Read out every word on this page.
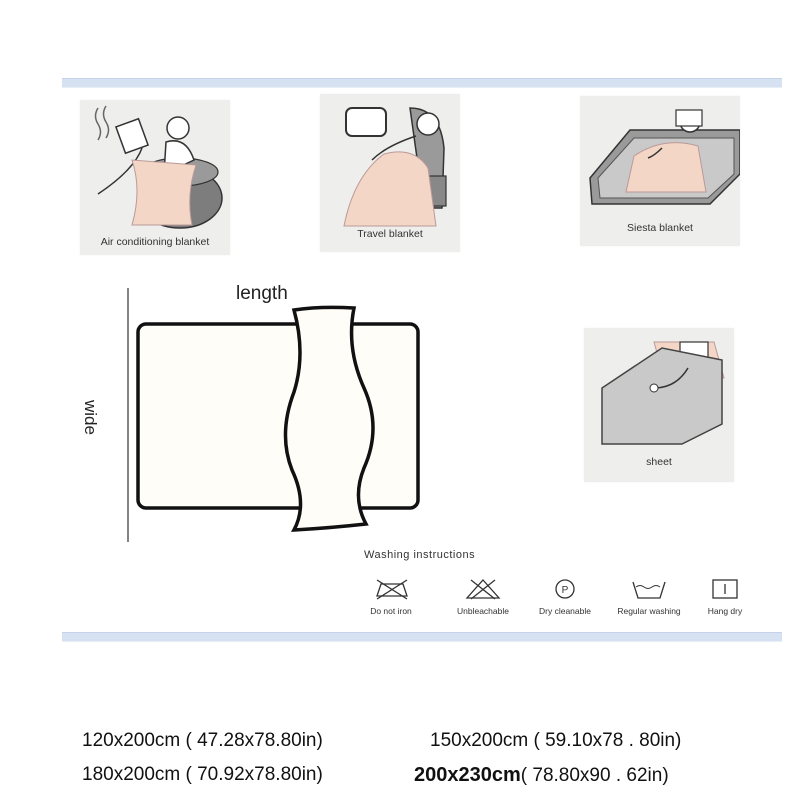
Air conditioning blanket
Travel blanket	Siesta blanket
sheet
length
wide
Washing instructions
Do not iron	Unbleachable
P
Dry cleanable	Regular washing	Hang dry
120x200cm ( 47.28x78.80in)	150x200cm ( 59.10x78 . 80in)
180x200cm ( 70.92x78.80in)	200x230cm( 78.80x90 . 62in)
